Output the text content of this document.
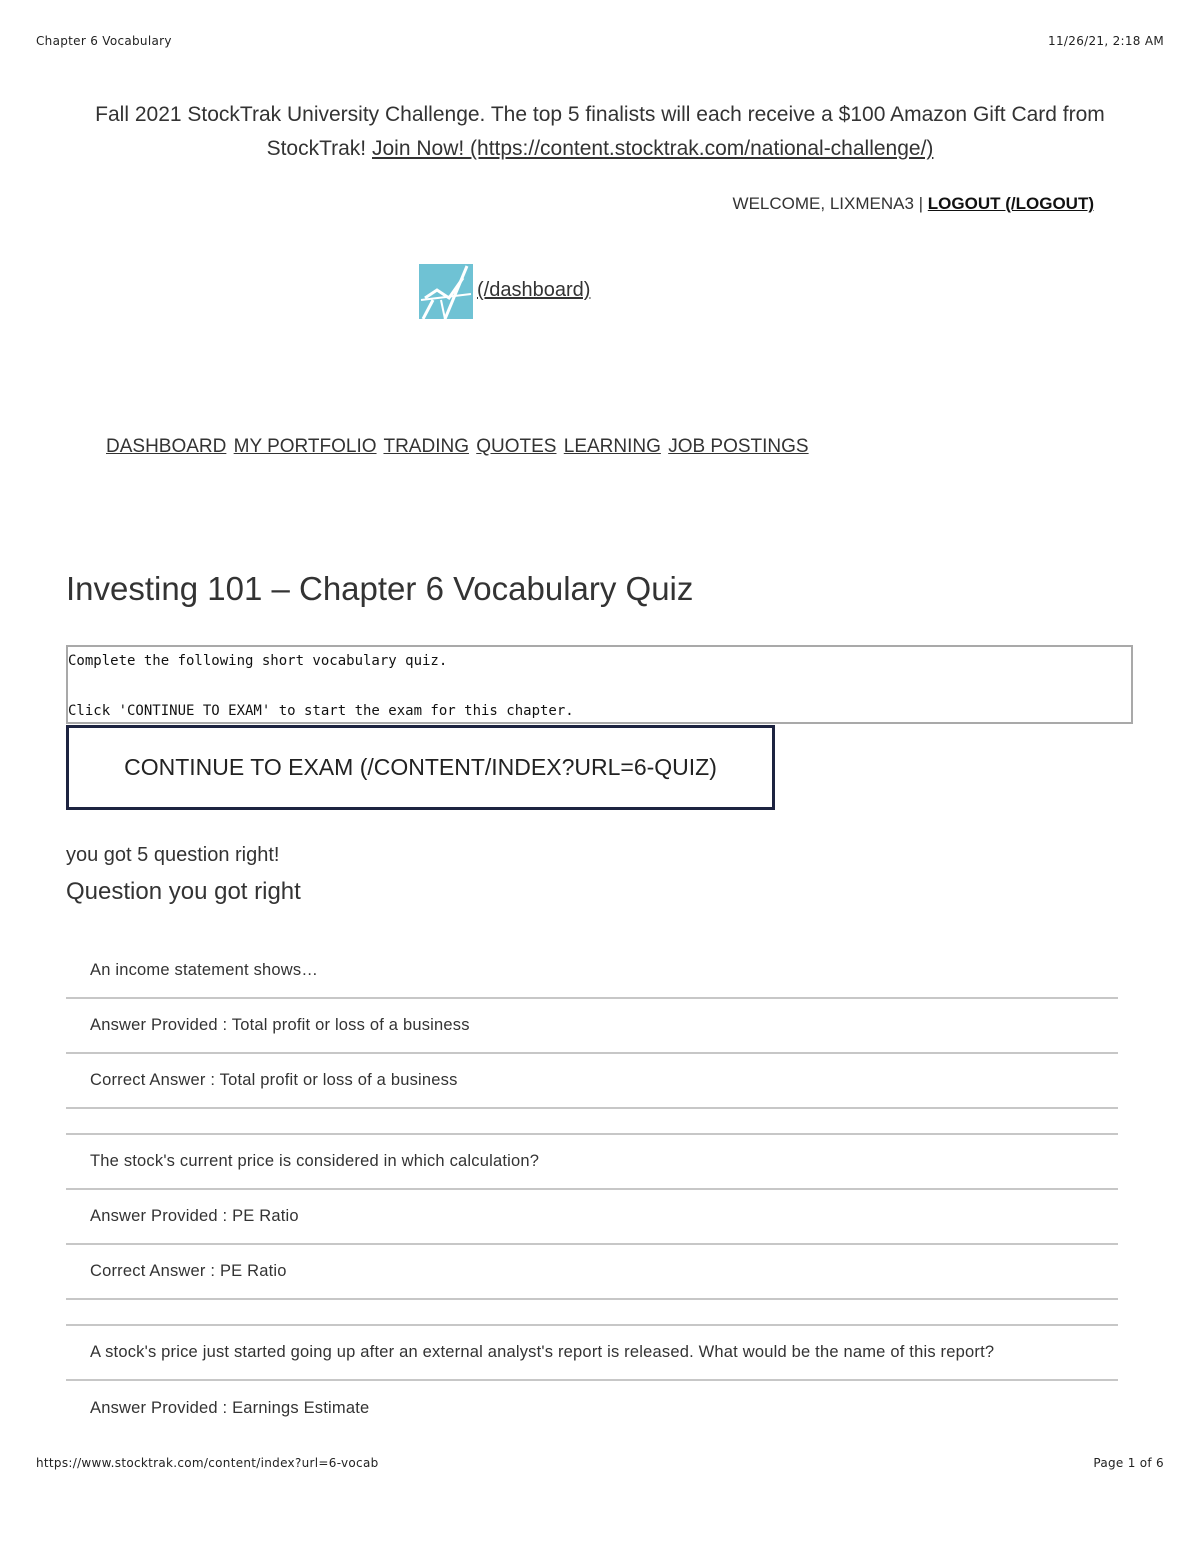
Chapter 6 Vocabulary	11/26/21, 2:18 AM
Fall 2021 StockTrak University Challenge. The top 5 finalists will each receive a $100 Amazon Gift Card from StockTrak! Join Now! (https://content.stocktrak.com/national-challenge/)
WELCOME, LIXMENA3 | LOGOUT (/LOGOUT)
(/dashboard)
DASHBOARD MY PORTFOLIO TRADING QUOTES LEARNING JOB POSTINGS
Investing 101 – Chapter 6 Vocabulary Quiz

Complete the following short vocabulary quiz.

Click 'CONTINUE TO EXAM' to start the exam for this chapter.

CONTINUE TO EXAM (/CONTENT/INDEX?URL=6-QUIZ)
you got 5 question right!
Question you got right
An income statement shows…
Answer Provided : Total profit or loss of a business
Correct Answer : Total profit or loss of a business
The stock's current price is considered in which calculation?
Answer Provided : PE Ratio
Correct Answer : PE Ratio
A stock's price just started going up after an external analyst's report is released. What would be the name of this report?
Answer Provided : Earnings Estimate
https://www.stocktrak.com/content/index?url=6-vocab	Page 1 of 6
